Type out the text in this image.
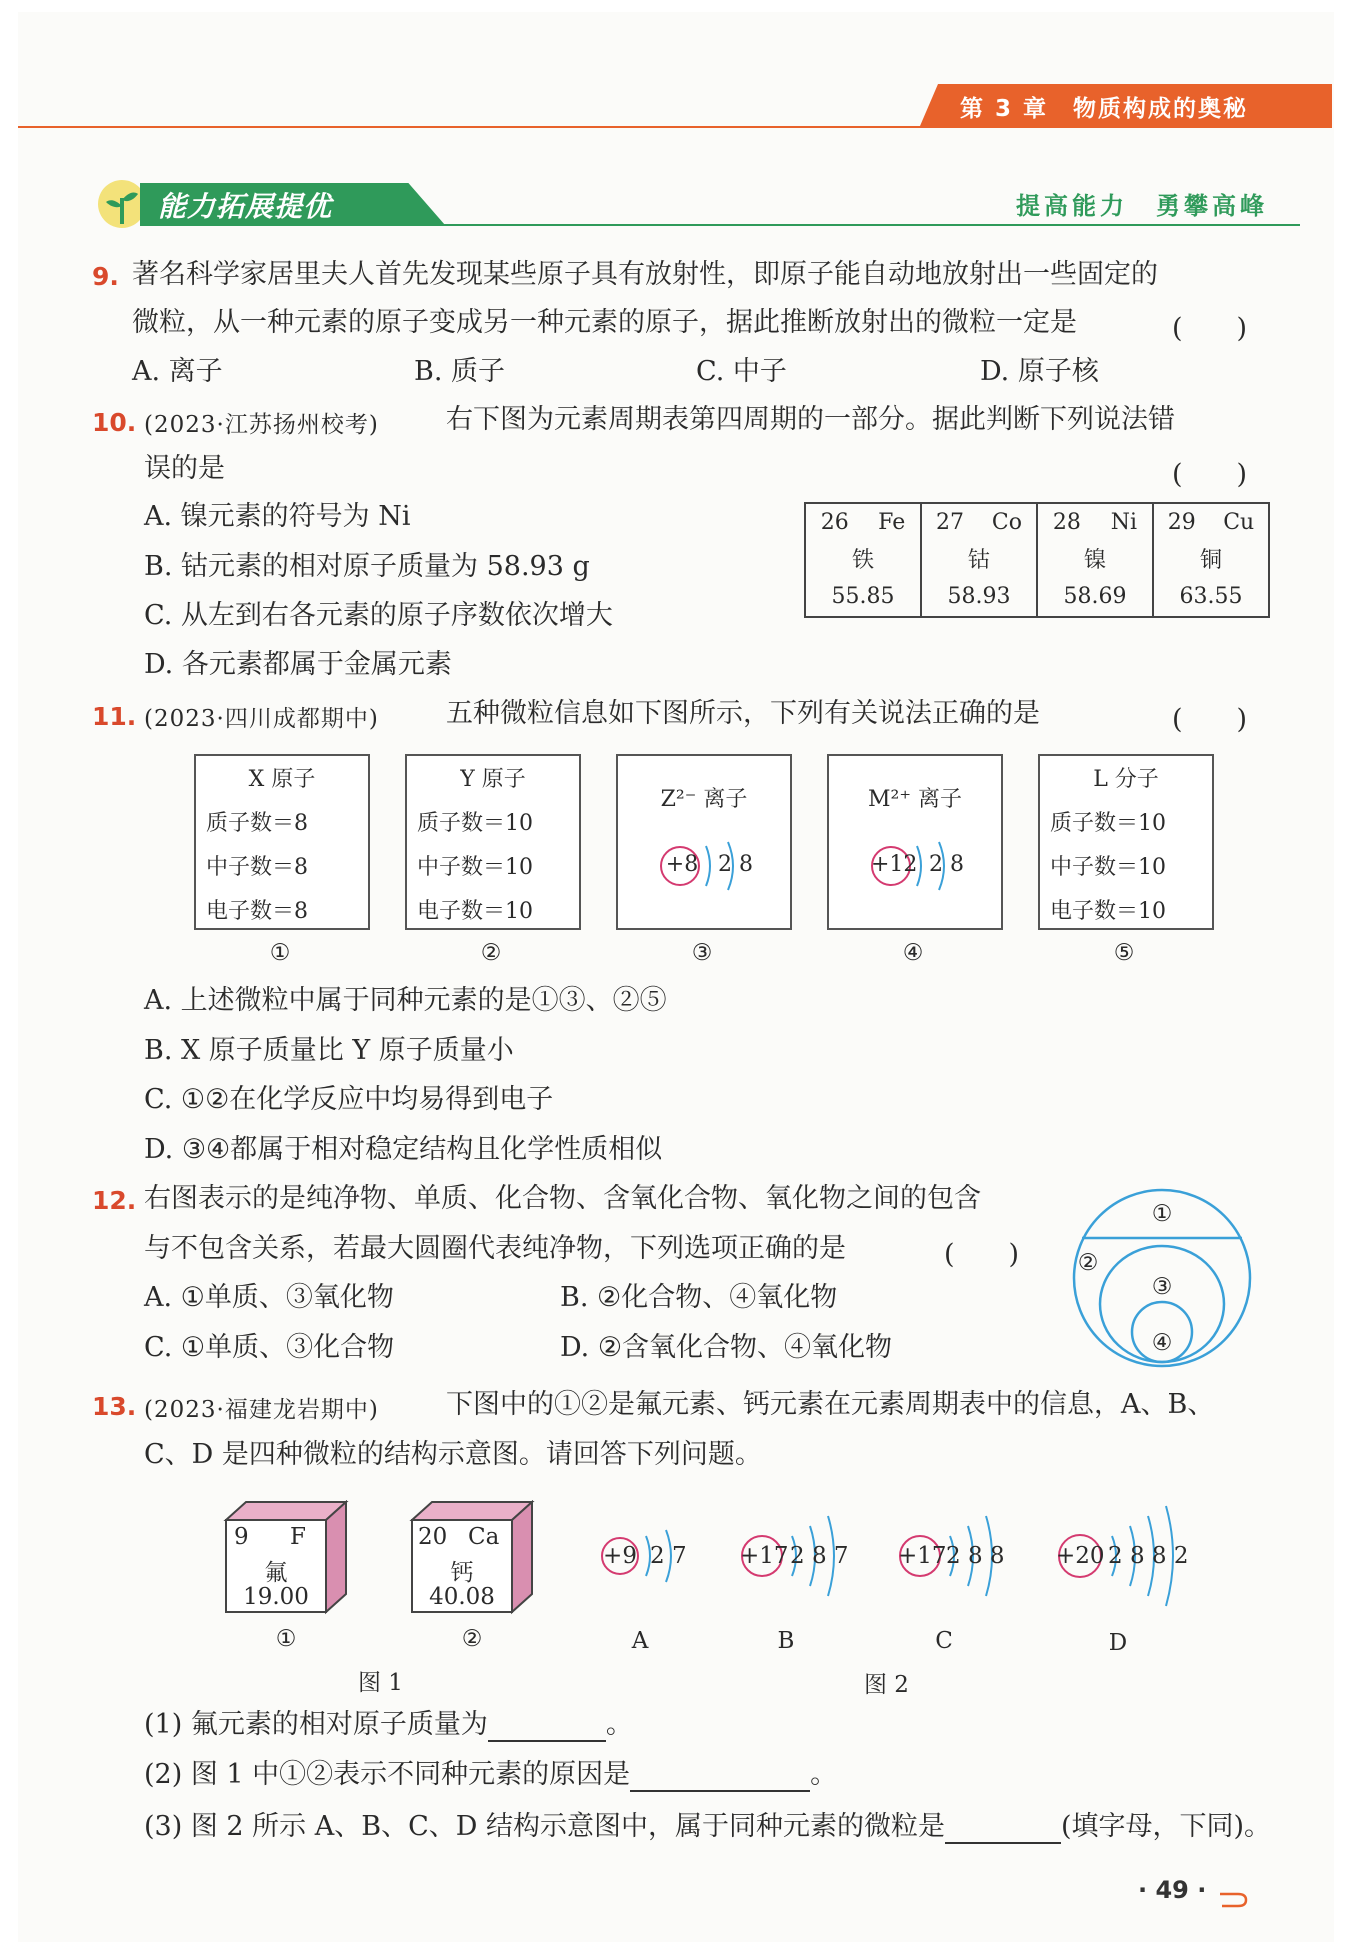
第 3 章　物质构成的奥秘
能力拓展提优	提高能力　勇攀高峰
9. 著名科学家居里夫人首先发现某些原子具有放射性，即原子能自动地放射出一些固定的
微粒，从一种元素的原子变成另一种元素的原子，据此推断放射出的微粒一定是	(　　)
A. 离子	B. 质子	C. 中子	D. 原子核
10. (2023·江苏扬州校考) 右下图为元素周期表第四周期的一部分。据此判断下列说法错
误的是	(　　)
A. 镍元素的符号为 Ni
B. 钴元素的相对原子质量为 58.93 g
C. 从左到右各元素的原子序数依次增大
D. 各元素都属于金属元素
26 Fe
铁
55.85

27 Co
钴
58.93

28 Ni
镍
58.69

29 Cu
铜
63.55
11. (2023·四川成都期中) 五种微粒信息如下图所示，下列有关说法正确的是	(　　)
X 原子
质子数＝8
中子数＝8
电子数＝8
Y 原子
质子数＝10
中子数＝10
电子数＝10
Z²⁻ 离子
+8 2 8
M²⁺ 离子
+12 2 8
L 分子
质子数＝10
中子数＝10
电子数＝10
①	②	③	④	⑤
A. 上述微粒中属于同种元素的是①③、②⑤
B. X 原子质量比 Y 原子质量小
C. ①②在化学反应中均易得到电子
D. ③④都属于相对稳定结构且化学性质相似
12. 右图表示的是纯净物、单质、化合物、含氧化合物、氧化物之间的包含
与不包含关系，若最大圆圈代表纯净物，下列选项正确的是	(　　)
A. ①单质、③氧化物	B. ②化合物、④氧化物
C. ①单质、③化合物	D. ②含氧化合物、④氧化物
①
②
③
④
13. (2023·福建龙岩期中) 下图中的①②是氟元素、钙元素在元素周期表中的信息，A、B、
C、D 是四种微粒的结构示意图。请回答下列问题。
9 F
氟
19.00
20 Ca
钙
40.08
①	②
图 1
+9 2 7 +17 2 8 7 +17 2 8 8 +20 2 8 8 2
A	B	C	D
图 2
(1) 氟元素的相对原子质量为	。
(2) 图 1 中①②表示不同种元素的原因是	。
(3) 图 2 所示 A、B、C、D 结构示意图中，属于同种元素的微粒是	(填字母，下同)。
· 49 ·
